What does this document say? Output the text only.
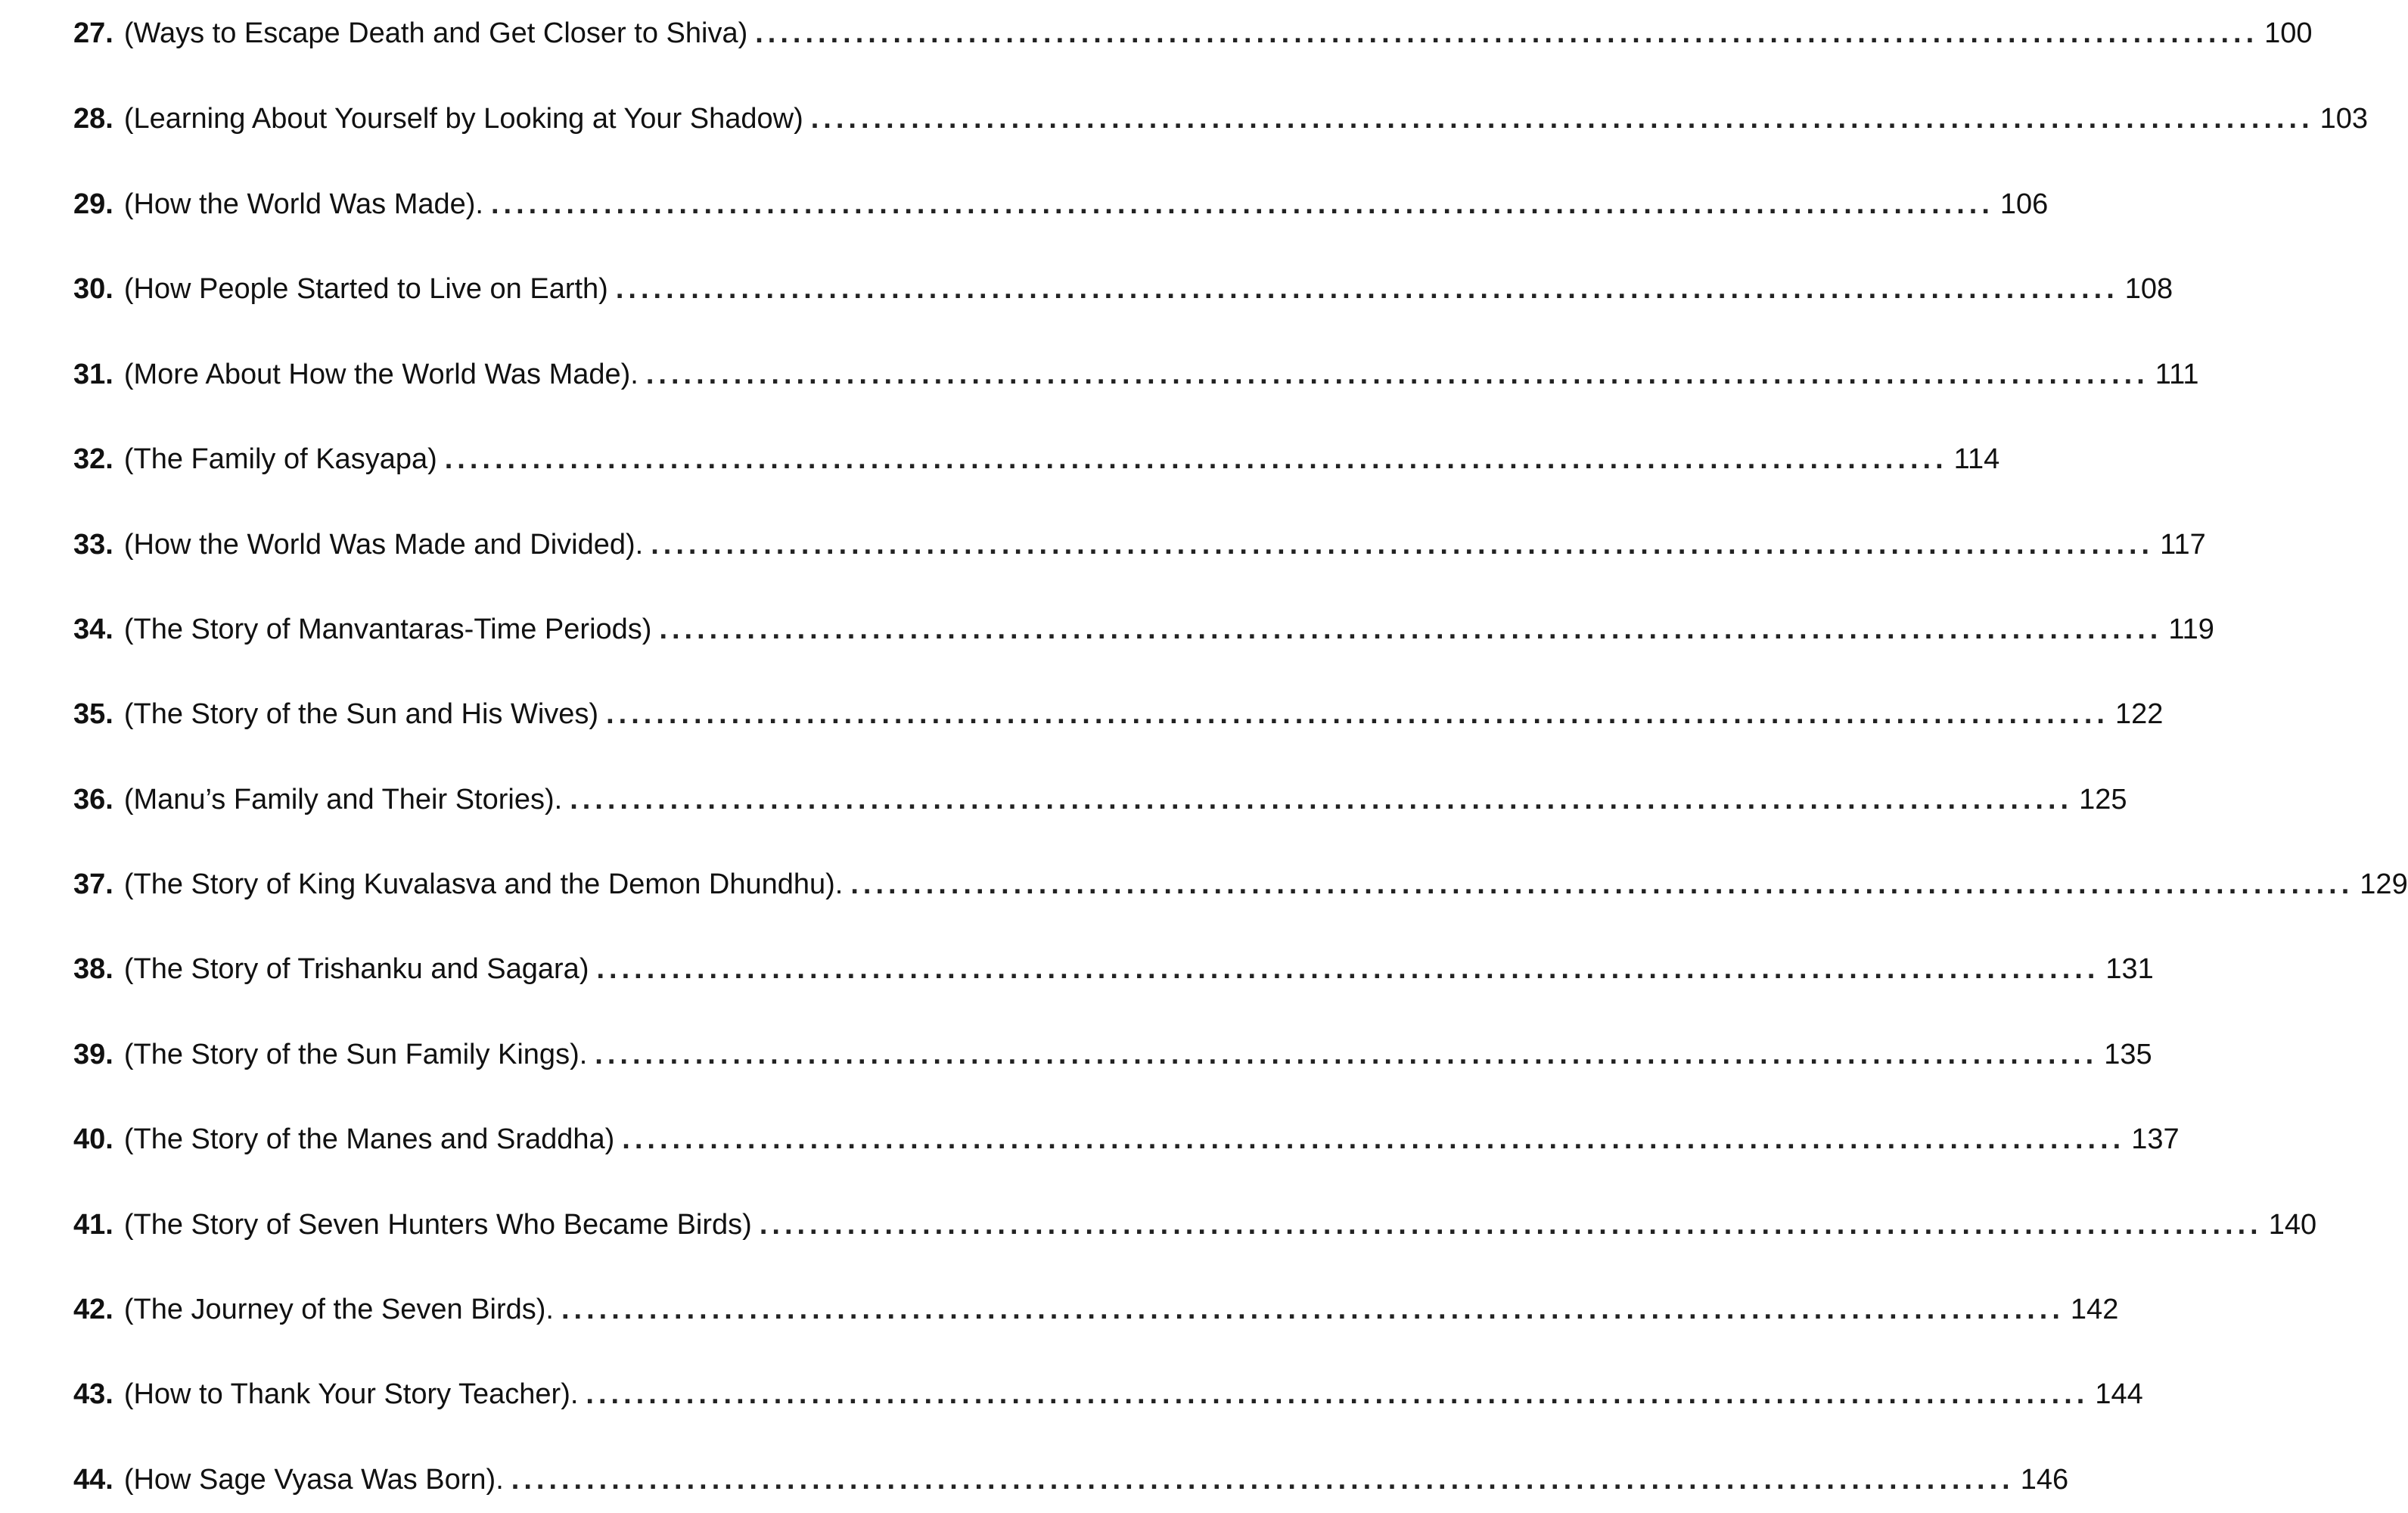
27. (Ways to Escape Death and Get Closer to Shiva) ........................................................................................................................ 100
28. (Learning About Yourself by Looking at Your Shadow) ........................................................................................................................ 103
29. (How the World Was Made). ........................................................................................................................ 106
30. (How People Started to Live on Earth) ........................................................................................................................ 108
31. (More About How the World Was Made). ........................................................................................................................ 111
32. (The Family of Kasyapa) ........................................................................................................................ 114
33. (How the World Was Made and Divided). ........................................................................................................................ 117
34. (The Story of Manvantaras-Time Periods) ........................................................................................................................ 119
35. (The Story of the Sun and His Wives) ........................................................................................................................ 122
36. (Manu’s Family and Their Stories). ........................................................................................................................ 125
37. (The Story of King Kuvalasva and the Demon Dhundhu). ........................................................................................................................ 129
38. (The Story of Trishanku and Sagara) ........................................................................................................................ 131
39. (The Story of the Sun Family Kings). ........................................................................................................................ 135
40. (The Story of the Manes and Sraddha) ........................................................................................................................ 137
41. (The Story of Seven Hunters Who Became Birds) ........................................................................................................................ 140
42. (The Journey of the Seven Birds). ........................................................................................................................ 142
43. (How to Thank Your Story Teacher). ........................................................................................................................ 144
44. (How Sage Vyasa Was Born). ........................................................................................................................ 146
